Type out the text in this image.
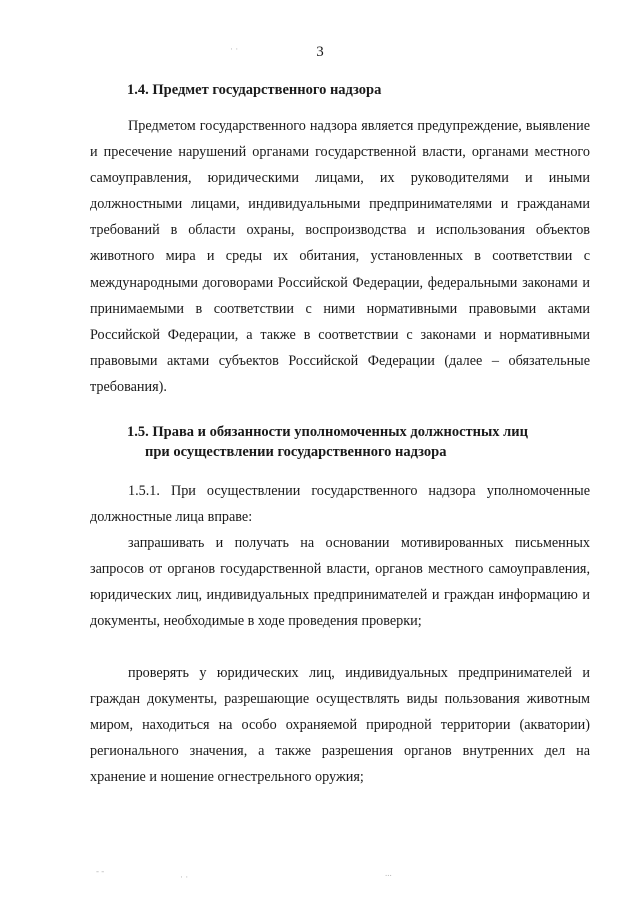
· ·
- -
· ·	...
3
1.4. Предмет государственного надзора

Предметом государственного надзора является предупреждение, выявление и пресечение нарушений органами государственной власти, органами местного самоуправления, юридическими лицами, их руководителями и иными должностными лицами, индивидуальными предпринимателями и гражданами требований в области охраны, воспроизводства и использования объектов животного мира и среды их обитания, установленных в соответствии с международными договорами Российской Федерации, федеральными законами и принимаемыми в соответствии с ними нормативными правовыми актами Российской Федерации, а также в соответствии с законами и нормативными правовыми актами субъектов Российской Федерации (далее – обязательные требования).

1.5. Права и обязанности уполномоченных должностных лиц
при осуществлении государственного надзора

1.5.1. При осуществлении государственного надзора уполномоченные должностные лица вправе:

запрашивать и получать на основании мотивированных письменных запросов от органов государственной власти, органов местного самоуправления, юридических лиц, индивидуальных предпринимателей и граждан информацию и документы, необходимые в ходе проведения проверки;

проверять у юридических лиц, индивидуальных предпринимателей и граждан документы, разрешающие осуществлять виды пользования животным миром, находиться на особо охраняемой природной территории (акватории) регионального значения, а также разрешения органов внутренних дел на хранение и ношение огнестрельного оружия;
